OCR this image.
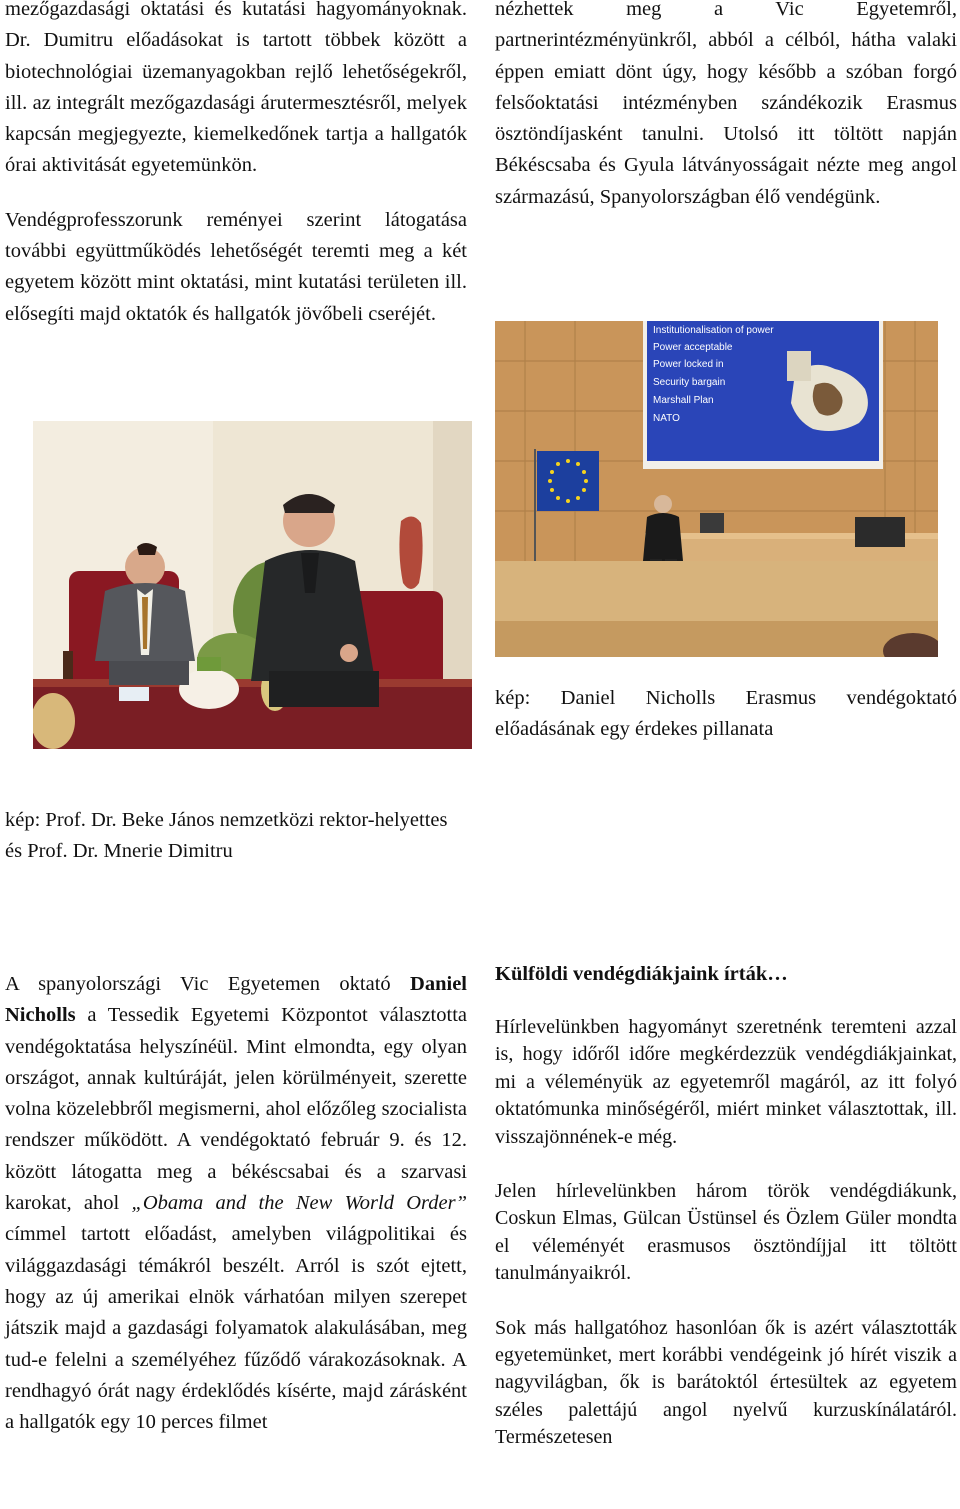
mezőgazdasági oktatási és kutatási hagyományoknak. Dr. Dumitru előadásokat is tartott többek között a biotechnológiai üzemanyagokban rejlő lehetőségekről, ill. az integrált mezőgazdasági árutermesztésről, melyek kapcsán megjegyezte, kiemelkedőnek tartja a hallgatók órai aktivitását egyetemünkön.

Vendégprofesszorunk reményei szerint látogatása további együttműködés lehetőségét teremti meg a két egyetem között mint oktatási, mint kutatási területen ill. elősegíti majd oktatók és hallgatók jövőbeli cseréjét.

nézhettek meg a Vic Egyetemről, partnerintézményünkről, abból a célból, hátha valaki éppen emiatt dönt úgy, hogy később a szóban forgó felsőoktatási intézményben szándékozik Erasmus ösztöndíjasként tanulni. Utolsó itt töltött napján Békéscsaba és Gyula látványosságait nézte meg angol származású, Spanyolországban élő vendégünk.

Institutionalisation of power
Power acceptable
Power locked in
Security bargain
Marshall Plan
NATO

kép: Daniel Nicholls Erasmus vendégoktató előadásának egy érdekes pillanata

kép: Prof. Dr. Beke János nemzetközi rektor-helyettes és Prof. Dr. Mnerie Dimitru

A spanyolországi Vic Egyetemen oktató Daniel Nicholls a Tessedik Egyetemi Központot választotta vendégoktatása helyszínéül. Mint elmondta, egy olyan országot, annak kultúráját, jelen körülményeit, szerette volna közelebbről megismerni, ahol előzőleg szocialista rendszer működött. A vendégoktató február 9. és 12. között látogatta meg a békéscsabai és a szarvasi karokat, ahol „Obama and the New World Order” címmel tartott előadást, amelyben világpolitikai és világgazdasági témákról beszélt. Arról is szót ejtett, hogy az új amerikai elnök várhatóan milyen szerepet játszik majd a gazdasági folyamatok alakulásában, meg tud-e felelni a személyéhez fűződő várakozásoknak. A rendhagyó órát nagy érdeklődés kísérte, majd zárásként a hallgatók egy 10 perces filmet

Külföldi vendégdiákjaink írták…

Hírlevelünkben hagyományt szeretnénk teremteni azzal is, hogy időről időre megkérdezzük vendégdiákjainkat, mi a véleményük az egyetemről magáról, az itt folyó oktatómunka minőségéről, miért minket választottak, ill. visszajönnének-e még.

Jelen hírlevelünkben három török vendégdiákunk, Coskun Elmas, Gülcan Üstünsel és Özlem Güler mondta el véleményét erasmusos ösztöndíjjal itt töltött tanulmányaikról.

Sok más hallgatóhoz hasonlóan ők is azért választották egyetemünket, mert korábbi vendégeink jó hírét viszik a nagyvilágban, ők is barátoktól értesültek az egyetem széles palettájú angol nyelvű kurzuskínálatáról. Természetesen
